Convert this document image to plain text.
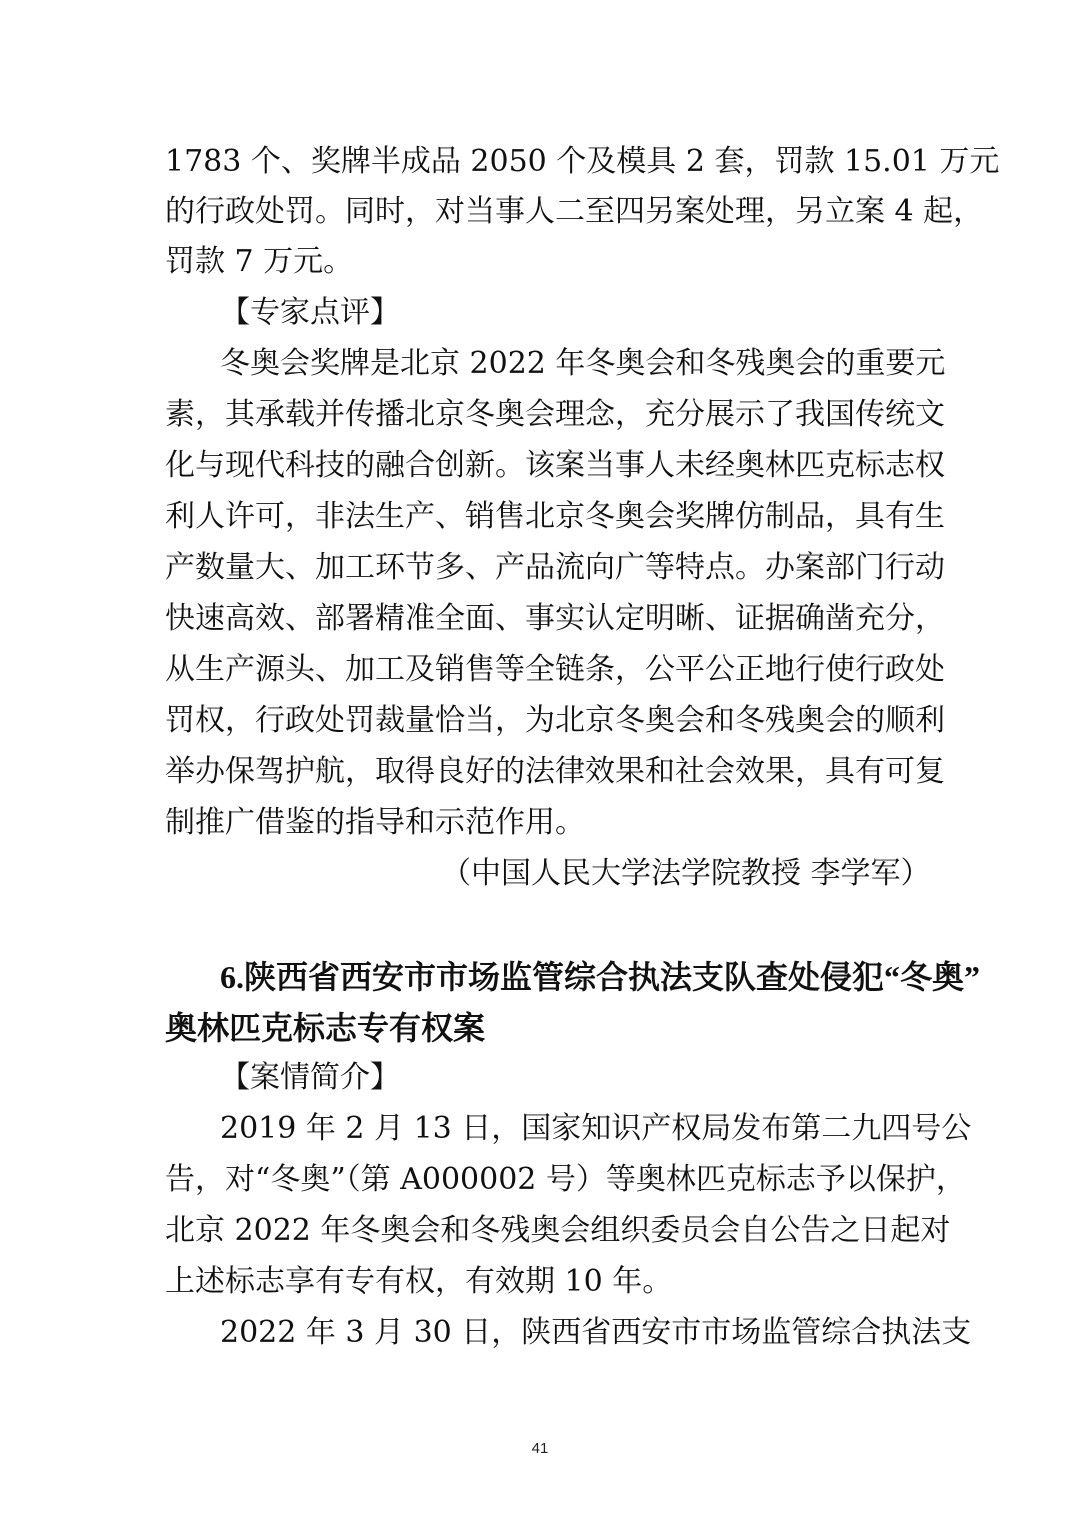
1783 个、奖牌半成品 2050 个及模具 2 套，罚款 15.01 万元
的行政处罚。同时，对当事人二至四另案处理，另立案 4 起，
罚款 7 万元。
【专家点评】
冬奥会奖牌是北京 2022 年冬奥会和冬残奥会的重要元
素，其承载并传播北京冬奥会理念，充分展示了我国传统文
化与现代科技的融合创新。该案当事人未经奥林匹克标志权
利人许可，非法生产、销售北京冬奥会奖牌仿制品，具有生
产数量大、加工环节多、产品流向广等特点。办案部门行动
快速高效、部署精准全面、事实认定明晰、证据确凿充分，
从生产源头、加工及销售等全链条，公平公正地行使行政处
罚权，行政处罚裁量恰当，为北京冬奥会和冬残奥会的顺利
举办保驾护航，取得良好的法律效果和社会效果，具有可复
制推广借鉴的指导和示范作用。
（中国人民大学法学院教授 李学军）
6.陕西省西安市市场监管综合执法支队查处侵犯“冬奥”
奥林匹克标志专有权案
【案情简介】
2019 年 2 月 13 日，国家知识产权局发布第二九四号公
告，对“冬奥”（第 A000002 号）等奥林匹克标志予以保护，
北京 2022 年冬奥会和冬残奥会组织委员会自公告之日起对
上述标志享有专有权，有效期 10 年。
2022 年 3 月 30 日，陕西省西安市市场监管综合执法支
41
